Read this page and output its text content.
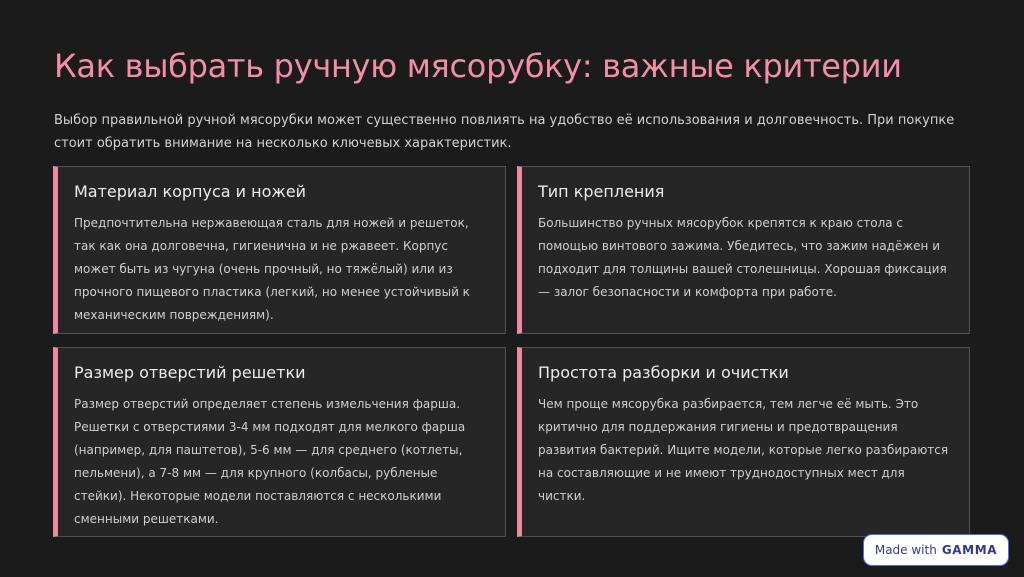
Как выбрать ручную мясорубку: важные критерии

Выбор правильной ручной мясорубки может существенно повлиять на удобство её использования и долговечность. При покупке стоит обратить внимание на несколько ключевых характеристик.

Материал корпуса и ножей

Предпочтительна нержавеющая сталь для ножей и решеток, так как она долговечна, гигиенична и не ржавеет. Корпус может быть из чугуна (очень прочный, но тяжёлый) или из прочного пищевого пластика (легкий, но менее устойчивый к механическим повреждениям).

Тип крепления

Большинство ручных мясорубок крепятся к краю стола с помощью винтового зажима. Убедитесь, что зажим надёжен и подходит для толщины вашей столешницы. Хорошая фиксация — залог безопасности и комфорта при работе.

Размер отверстий решетки

Размер отверстий определяет степень измельчения фарша. Решетки с отверстиями 3-4 мм подходят для мелкого фарша (например, для паштетов), 5-6 мм — для среднего (котлеты, пельмени), а 7-8 мм — для крупного (колбасы, рубленые стейки). Некоторые модели поставляются с несколькими сменными решетками.

Простота разборки и очистки

Чем проще мясорубка разбирается, тем легче её мыть. Это критично для поддержания гигиены и предотвращения развития бактерий. Ищите модели, которые легко разбираются на составляющие и не имеют труднодоступных мест для чистки.

Made with GAMMA
